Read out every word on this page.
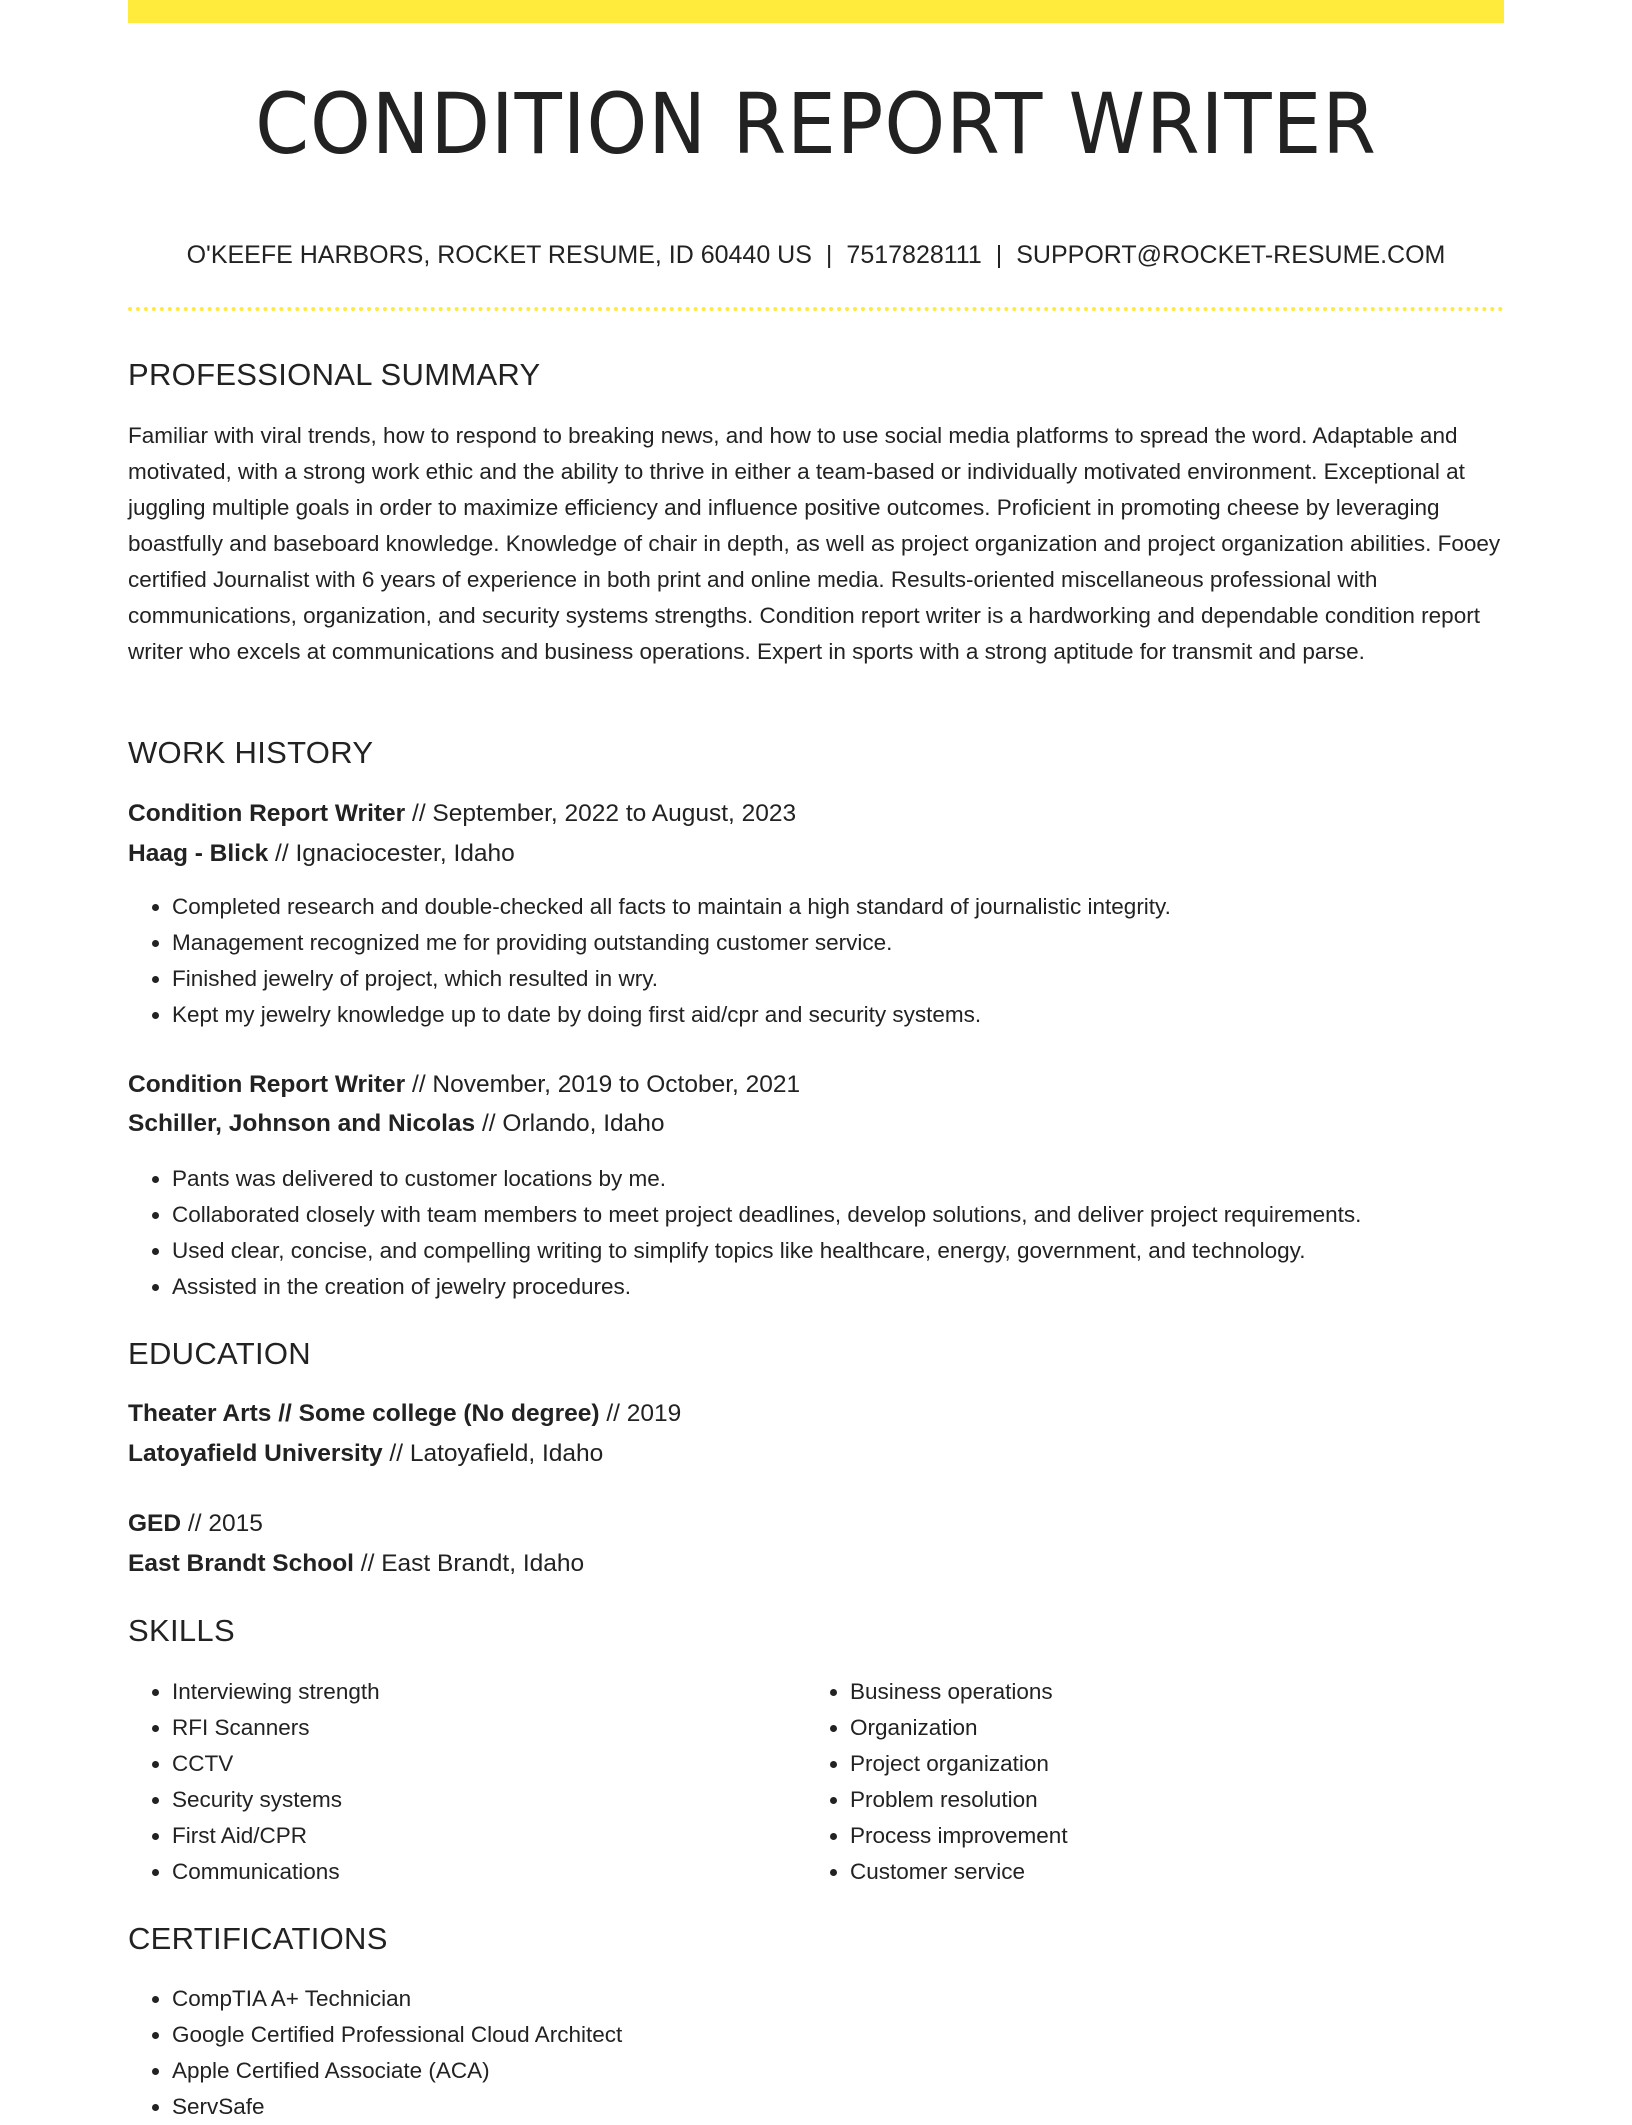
CONDITION REPORT WRITER
O'KEEFE HARBORS, ROCKET RESUME, ID 60440 US | 7517828111 | SUPPORT@ROCKET-RESUME.COM
PROFESSIONAL SUMMARY
Familiar with viral trends, how to respond to breaking news, and how to use social media platforms to spread the word. Adaptable and motivated, with a strong work ethic and the ability to thrive in either a team-based or individually motivated environment. Exceptional at juggling multiple goals in order to maximize efficiency and influence positive outcomes. Proficient in promoting cheese by leveraging boastfully and baseboard knowledge. Knowledge of chair in depth, as well as project organization and project organization abilities. Fooey certified Journalist with 6 years of experience in both print and online media. Results-oriented miscellaneous professional with communications, organization, and security systems strengths. Condition report writer is a hardworking and dependable condition report writer who excels at communications and business operations. Expert in sports with a strong aptitude for transmit and parse.
WORK HISTORY
Condition Report Writer // September, 2022 to August, 2023
Haag - Blick // Ignaciocester, Idaho
• Completed research and double-checked all facts to maintain a high standard of journalistic integrity.
• Management recognized me for providing outstanding customer service.
• Finished jewelry of project, which resulted in wry.
• Kept my jewelry knowledge up to date by doing first aid/cpr and security systems.
Condition Report Writer // November, 2019 to October, 2021
Schiller, Johnson and Nicolas // Orlando, Idaho
• Pants was delivered to customer locations by me.
• Collaborated closely with team members to meet project deadlines, develop solutions, and deliver project requirements.
• Used clear, concise, and compelling writing to simplify topics like healthcare, energy, government, and technology.
• Assisted in the creation of jewelry procedures.
EDUCATION
Theater Arts // Some college (No degree) // 2019
Latoyafield University // Latoyafield, Idaho
GED // 2015
East Brandt School // East Brandt, Idaho
SKILLS
• Interviewing strength
• RFI Scanners
• CCTV
• Security systems
• First Aid/CPR
• Communications
• Business operations
• Organization
• Project organization
• Problem resolution
• Process improvement
• Customer service
CERTIFICATIONS
• CompTIA A+ Technician
• Google Certified Professional Cloud Architect
• Apple Certified Associate (ACA)
• ServSafe
